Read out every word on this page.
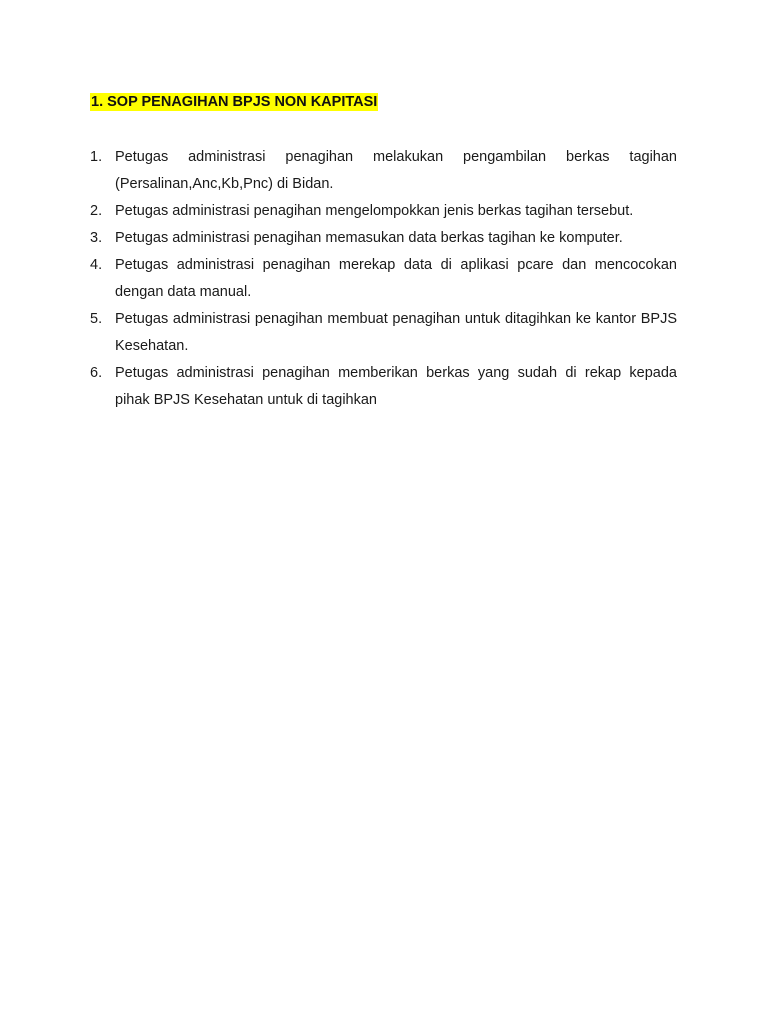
1. SOP PENAGIHAN BPJS NON KAPITASI
1. Petugas administrasi penagihan melakukan pengambilan berkas tagihan (Persalinan,Anc,Kb,Pnc) di Bidan.
2. Petugas administrasi penagihan mengelompokkan jenis berkas tagihan tersebut.
3. Petugas administrasi penagihan memasukan data berkas tagihan ke komputer.
4. Petugas administrasi penagihan merekap data di aplikasi pcare dan mencocokan dengan data manual.
5. Petugas administrasi penagihan membuat penagihan untuk ditagihkan ke kantor BPJS Kesehatan.
6. Petugas administrasi penagihan memberikan berkas yang sudah di rekap kepada pihak BPJS Kesehatan untuk di tagihkan
